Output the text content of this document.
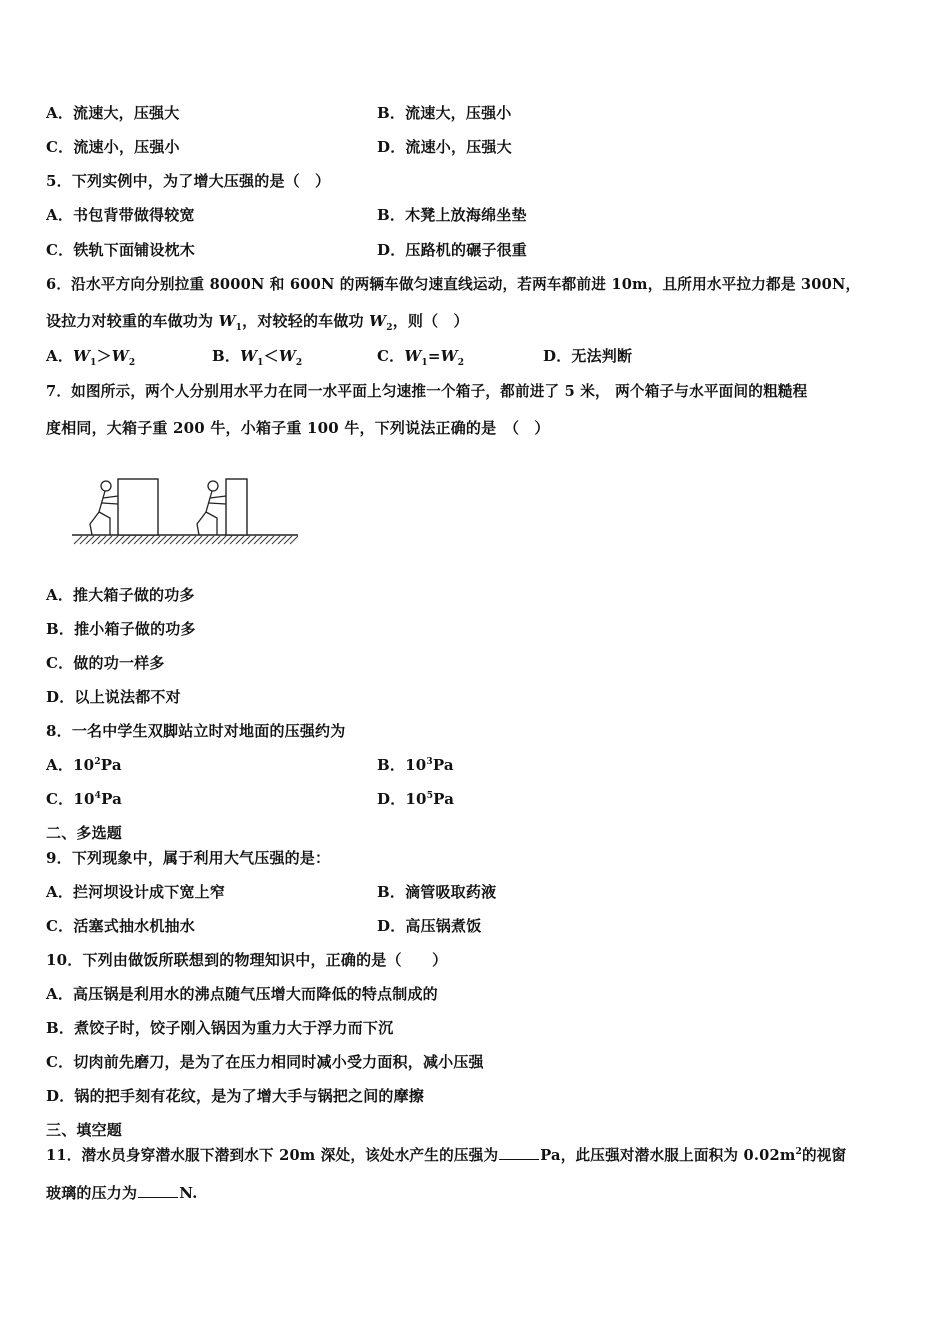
A．流速大，压强大	B．流速大，压强小
C．流速小，压强小	D．流速小，压强大
5．下列实例中，为了增大压强的是（　）
A．书包背带做得较宽	B．木凳上放海绵坐垫
C．铁轨下面铺设枕木	D．压路机的碾子很重
6．沿水平方向分别拉重 8000N 和 600N 的两辆车做匀速直线运动，若两车都前进 10m，且所用水平拉力都是 300N，
设拉力对较重的车做功为 $W_1$，对较轻的车做功 $W_2$，则（　）
A．$W_1>W_2$	B．$W_1<W_2$	C．$W_1=W_2$	D．无法判断
7．如图所示，两个人分别用水平力在同一水平面上匀速推一个箱子，都前进了 5 米， 两个箱子与水平面间的粗糙程
度相同，大箱子重 200 牛，小箱子重 100 牛，下列说法正确的是　（　）
A．推大箱子做的功多
B．推小箱子做的功多
C．做的功一样多
D．以上说法都不对
8．一名中学生双脚站立时对地面的压强约为
A．$10^2Pa$	B．$10^3Pa$
C．$10^4Pa$	D．$10^5Pa$
二、多选题
9．下列现象中，属于利用大气压强的是：
A．拦河坝设计成下宽上窄	B．滴管吸取药液
C．活塞式抽水机抽水	D．高压锅煮饭
10．下列由做饭所联想到的物理知识中，正确的是（　　）
A．高压锅是利用水的沸点随气压增大而降低的特点制成的
B．煮饺子时，饺子刚入锅因为重力大于浮力而下沉
C．切肉前先磨刀，是为了在压力相同时减小受力面积，减小压强
D．锅的把手刻有花纹，是为了增大手与锅把之间的摩擦
三、填空题
11．潜水员身穿潜水服下潜到水下 20m 深处，该处水产生的压强为	Pa，此压强对潜水服上面积为 $0.02m^2$的视窗
玻璃的压力为	N.
